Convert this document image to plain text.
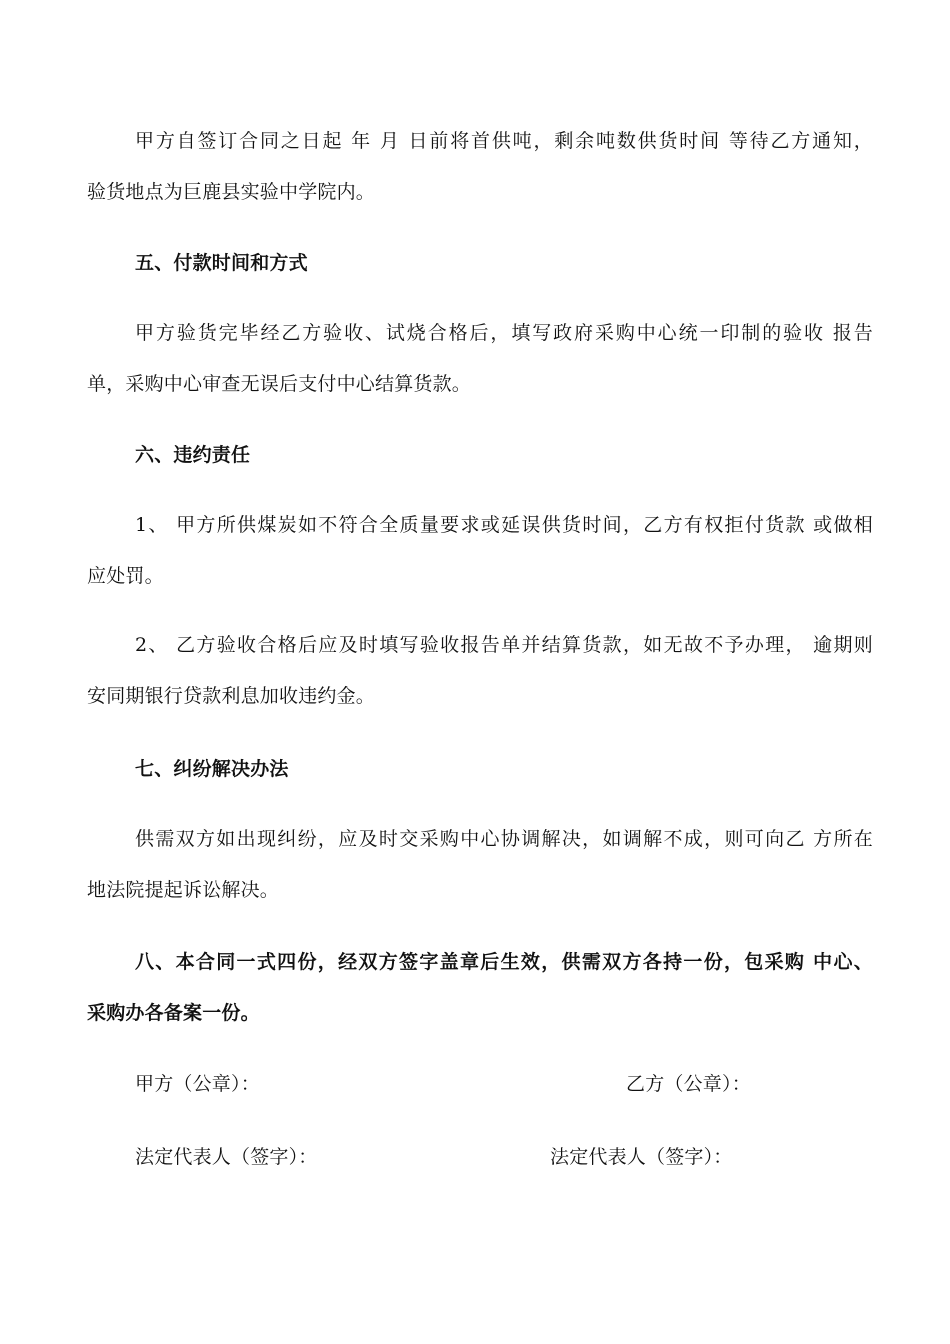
甲方自签订合同之日起 年 月 日前将首供吨，剩余吨数供货时间 等待乙方通知，
验货地点为巨鹿县实验中学院内。
五、付款时间和方式
甲方验货完毕经乙方验收、试烧合格后，填写政府采购中心统一印制的验收 报告
单，采购中心审查无误后支付中心结算货款。
六、违约责任
1、 甲方所供煤炭如不符合全质量要求或延误供货时间，乙方有权拒付货款 或做相
应处罚。
2、 乙方验收合格后应及时填写验收报告单并结算货款，如无故不予办理， 逾期则
安同期银行贷款利息加收违约金。
七、纠纷解决办法
供需双方如出现纠纷，应及时交采购中心协调解决，如调解不成，则可向乙 方所在
地法院提起诉讼解决。
八、本合同一式四份，经双方签字盖章后生效，供需双方各持一份，包采购 中心、
采购办各备案一份。
甲方（公章）：	乙方（公章）：
法定代表人（签字）：	法定代表人（签字）：
